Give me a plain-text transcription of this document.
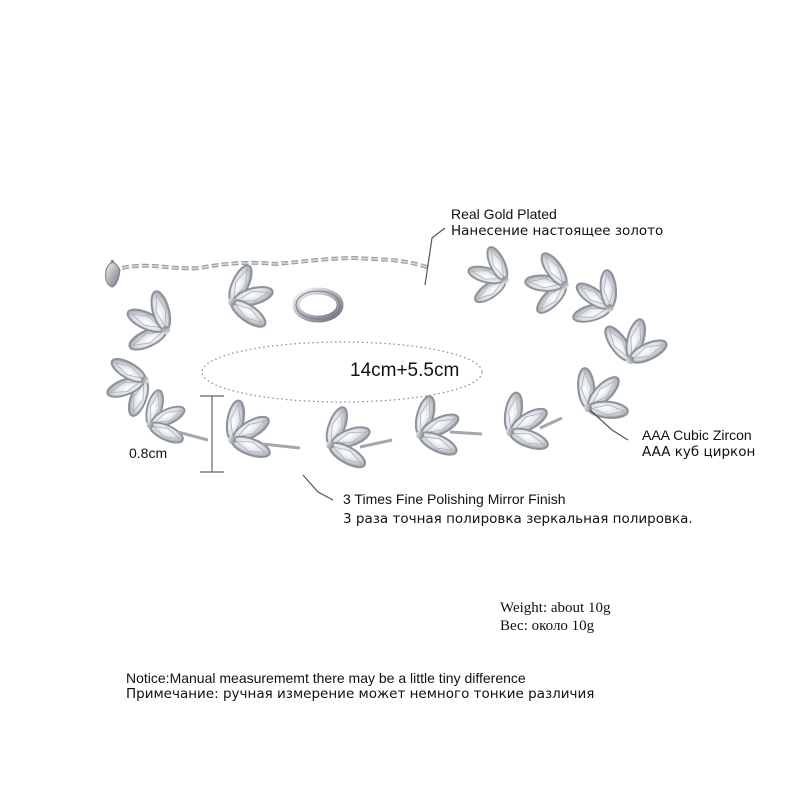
Real Gold Plated
Нанесение настоящее золото
14cm+5.5cm
0.8cm
AAA Cubic Zircon
AAA куб циркон
3 Times Fine Polishing Mirror Finish
3 раза точная полировка зеркальная полировка.
Weight: about 10g
Вес: около 10g
Notice:Manual measurememt there may be a little tiny difference
Примечание: ручная измерение может немного тонкие различия
